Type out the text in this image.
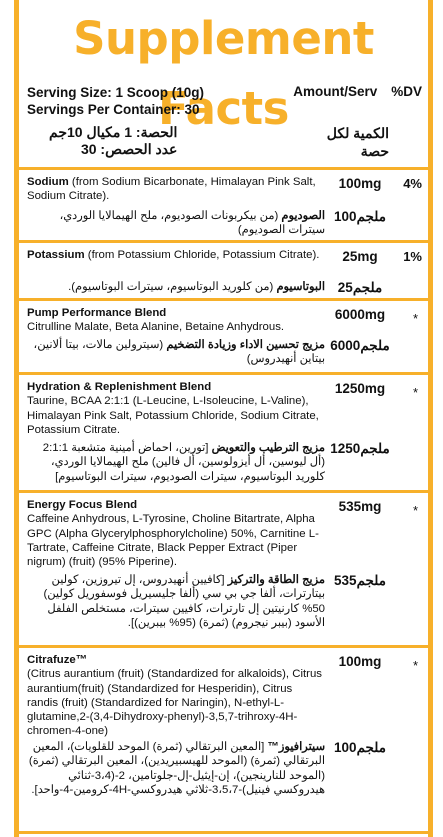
Supplement Facts
Serving Size: 1 Scoop (10g)
Servings Per Container: 30
Amount/Serv %DV
الحصة: 1 مكيال 10جم
عدد الحصص: 30
الكمية لكل
حصة
Sodium (from Sodium Bicarbonate, Himalayan Pink Salt, Sodium Citrate).
الصوديوم (من بيكربونات الصوديوم، ملح الهيمالايا الوردي، سيترات الصوديوم)
100mg
100ملجم
4%
Potassium (from Potassium Chloride, Potassium Citrate).
البوتاسيوم (من كلوريد البوتاسيوم، سيترات البوتاسيوم).
25mg
25ملجم
1%
Pump Performance Blend
Citrulline Malate, Beta Alanine, Betaine Anhydrous.
مزيج تحسين الاداء وزيادة التضخيم (سيترولين مالات، بيتا ألانين، بيتاين أنهيدروس)
6000mg
6000ملجم
*
Hydration & Replenishment Blend
Taurine, BCAA 2:1:1 (L-Leucine, L-Isoleucine, L-Valine), Himalayan Pink Salt, Potassium Chloride, Sodium Citrate, Potassium Citrate.
مزيج الترطيب والتعويض [تورين، احماض أمينية متشعبة 2:1:1 (أل ليوسين، أل أيزولوسين، أل فالين) ملح الهيمالايا الوردي، كلوريد البوتاسيوم، سيترات الصوديوم، سيترات البوتاسيوم]
1250mg
1250ملجم
*
Energy Focus Blend
Caffeine Anhydrous, L-Tyrosine, Choline Bitartrate, Alpha GPC (Alpha Glycerylphosphorylcholine) 50%, Carnitine L-Tartrate, Caffeine Citrate, Black Pepper Extract (Piper nigrum) (fruit) (95% Piperine).
مزيج الطاقة والتركيز [كافيين أنهيدروس، إل تيروزين، كولين بيتارترات، ألفا جي بي سي (ألفا جليسيريل فوسفوريل كولين) 50% كارنيتين إل تارترات، كافيين سيترات، مستخلص الفلفل الأسود (بيبر نيجروم) (ثمرة) (95% بيبرين)].
535mg
535ملجم
*
Citrafuze™
(Citrus aurantium (fruit) (Standardized for alkaloids), Citrus aurantium(fruit) (Standardized for Hesperidin), Citrus randis (fruit) (Standardized for Naringin), N-ethyl-L-glutamine,2-(3,4-Dihydroxy-phenyl)-3,5,7-trihroxy-4H-chromen-4-one)
سيترافيوز™ [المعين البرتقالي (ثمرة) الموحد للقلويات)، المعين البرتقالي (ثمرة) (الموحد للهيسبيريدين)، المعين البرتقالي (ثمرة) (الموحد للنارينجين)، إن-إيثيل-إل-جلوتامين، 2-(3،4-ثنائي هيدروكسي فينيل)-3،5،7-ثلاثي هيدروكسي-4H-كرومين-4-واحد].
100mg
100ملجم
*
